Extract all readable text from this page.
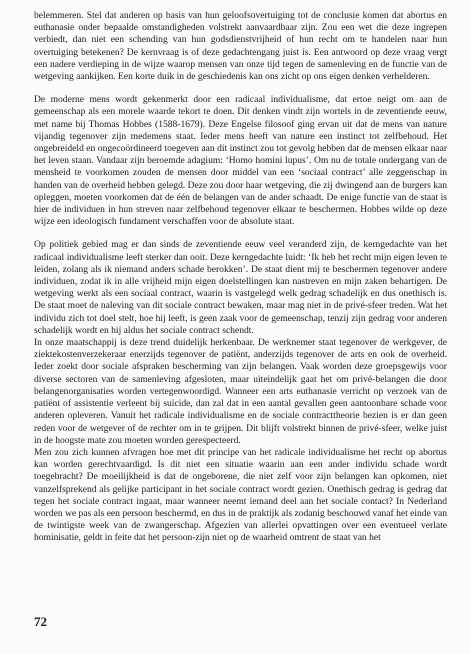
belemmeren. Stel dat anderen op basis van hun geloofsovertuiging tot de conclusie komen dat abortus en euthanasie onder bepaalde omstandigheden volstrekt aanvaardbaar zijn. Zou een wet die deze ingrepen verbiedt, dan niet een schending van hun godsdienstvrijheid of hun recht om te handelen naar hun overtuiging betekenen? De kernvraag is of deze gedachtengang juist is. Een antwoord op deze vraag vergt een nadere verdieping in de wijze waarop mensen van onze tijd tegen de samenleving en de functie van de wetgeving aankijken. Een korte duik in de geschiedenis kan ons zicht op ons eigen denken verhelderen.

De moderne mens wordt gekenmerkt door een radicaal individualisme, dat ertoe neigt om aan de gemeenschap als een morele waarde tekort te doen. Dit denken vindt zijn wortels in de zeventiende eeuw, met name bij Thomas Hobbes (1588-1679). Deze Engelse filosoof ging ervan uit dat de mens van nature vijandig tegenover zijn medemens staat. Ieder mens heeft van nature een instinct tot zelfbehoud. Het ongebreideld en ongecoördineerd toegeven aan dit instinct zou tot gevolg hebben dat de mensen elkaar naar het leven staan. Vandaar zijn beroemde adagium: ‘Homo homini lupus’. Om nu de totale ondergang van de mensheid te voorkomen zouden de mensen door middel van een ‘sociaal contract’ alle zeggenschap in handen van de overheid hebben gelegd. Deze zou door haar wetgeving, die zij dwingend aan de burgers kan opleggen, moeten voorkomen dat de één de belangen van de ander schaadt. De enige functie van de staat is hier de individuen in hun streven naar zelfbehoud tegenover elkaar te beschermen. Hobbes wilde op deze wijze een ideologisch fundament verschaffen voor de absolute staat.

Op politiek gebied mag er dan sinds de zeventiende eeuw veel veranderd zijn, de kerngedachte van het radicaal individualisme leeft sterker dan ooit. Deze kerngedachte luidt: ‘Ik heb het recht mijn eigen leven te leiden, zolang als ik niemand anders schade berokken’. De staat dient mij te beschermen tegenover andere individuen, zodat ik in alle vrijheid mijn eigen doelstellingen kan nastreven en mijn zaken behartigen. De wetgeving werkt als een sociaal contract, waarin is vastgelegd welk gedrag schadelijk en dus onethisch is. De staat moet de naleving van dit sociale contract bewaken, maar mag niet in de privé-sfeer treden. Wat het individu zich tot doel stelt, hoe hij leeft, is geen zaak voor de gemeenschap, tenzij zijn gedrag voor anderen schadelijk wordt en hij aldus het sociale contract schendt.

In onze maatschappij is deze trend duidelijk herkenbaar. De werknemer staat tegenover de werkgever, de ziektekostenverzekeraar enerzijds tegenover de patiënt, anderzijds tegenover de arts en ook de overheid. Ieder zoekt door sociale afspraken bescherming van zijn belangen. Vaak worden deze groepsgewijs voor diverse sectoren van de samenleving afgesloten, maar uiteindelijk gaat het om privé-belangen die door belangenorganisaties worden vertegenwoordigd. Wanneer een arts euthanasie verricht op verzoek van de patiënt of assistentie verleent bij suïcide, dan zal dat in een aantal gevallen geen aantoonbare schade voor anderen opleveren. Vanuit het radicale individualisme en de sociale contracttheorie bezien is er dan geen reden voor de wetgever of de rechter om in te grijpen. Dit blijft volstrekt binnen de privé-sfeer, welke juist in de hoogste mate zou moeten worden gerespecteerd.

Men zou zich kunnen afvragen hoe met dit principe van het radicale individualisme het recht op abortus kan worden gerechtvaardigd. Is dit niet een situatie waarin aan een ander individu schade wordt toegebracht? De moeilijkheid is dat de ongeborene, die niet zelf voor zijn belangen kan opkomen, niet vanzelfsprekend als gelijke participant in het sociale contract wordt gezien. Onethisch gedrag is gedrag dat tegen het sociale contract ingaat, maar wanneer neemt iemand deel aan het sociale contact? In Nederland worden we pas als een persoon beschermd, en dus in de praktijk als zodanig beschouwd vanaf het einde van de twintigste week van de zwangerschap. Afgezien van allerlei opvattingen over een eventueel verlate hominisatie, geldt in feite dat het persoon-zijn niet op de waarheid omtrent de staat van het

72
